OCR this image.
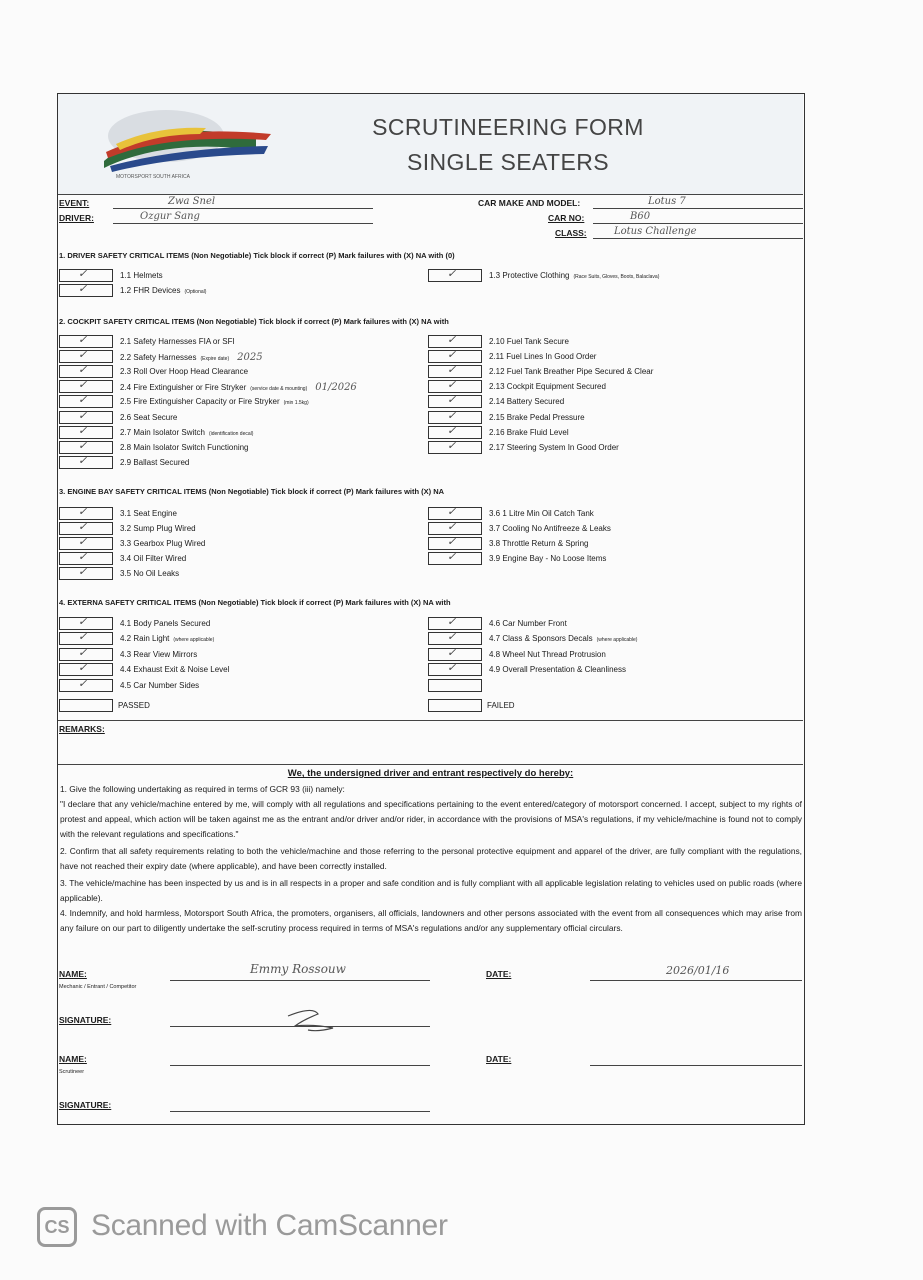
MOTORSPORT SOUTH AFRICA
SCRUTINEERING FORM
SINGLE SEATERS
EVENT:	Zwa Snel
DRIVER:	Ozgur Sang
CAR MAKE AND MODEL:	Lotus 7
CAR NO:	B60
CLASS:	Lotus Challenge
1. DRIVER SAFETY CRITICAL ITEMS (Non Negotiable) Tick block if correct (P) Mark failures with (X) NA with (0)
2. COCKPIT SAFETY CRITICAL ITEMS (Non Negotiable) Tick block if correct (P) Mark failures with (X) NA with
3. ENGINE BAY SAFETY CRITICAL ITEMS (Non Negotiable) Tick block if correct (P) Mark failures with (X) NA
4. EXTERNA SAFETY CRITICAL ITEMS (Non Negotiable) Tick block if correct (P) Mark failures with (X) NA with
✓	1.1 Helmets
✓	1.2 FHR Devices (Optional)
✓	1.3 Protective Clothing (Race Suits, Gloves, Boots, Balaclava)
✓	2.1 Safety Harnesses FIA or SFI
✓	2.2 Safety Harnesses (Expire date) 2025
✓	2.3 Roll Over Hoop Head Clearance
✓	2.4 Fire Extinguisher or Fire Stryker (service date & mounting) 01/2026
✓	2.5 Fire Extinguisher Capacity or Fire Stryker (min 1.5kg)
✓	2.6 Seat Secure
✓	2.7 Main Isolator Switch (identification decal)
✓	2.8 Main Isolator Switch Functioning
✓	2.9 Ballast Secured
✓	2.10 Fuel Tank Secure
✓	2.11 Fuel Lines In Good Order
✓	2.12 Fuel Tank Breather Pipe Secured & Clear
✓	2.13 Cockpit Equipment Secured
✓	2.14 Battery Secured
✓	2.15 Brake Pedal Pressure
✓	2.16 Brake Fluid Level
✓	2.17 Steering System In Good Order
✓	3.1 Seat Engine
✓	3.2 Sump Plug Wired
✓	3.3 Gearbox Plug Wired
✓	3.4 Oil Filter Wired
✓	3.5 No Oil Leaks
✓	3.6 1 Litre Min Oil Catch Tank
✓	3.7 Cooling No Antifreeze & Leaks
✓	3.8 Throttle Return & Spring
✓	3.9 Engine Bay - No Loose Items
✓	4.1 Body Panels Secured
✓	4.2 Rain Light (where applicable)
✓	4.3 Rear View Mirrors
✓	4.4 Exhaust Exit & Noise Level
✓	4.5 Car Number Sides
✓	4.6 Car Number Front
✓	4.7 Class & Sponsors Decals (where applicable)
✓	4.8 Wheel Nut Thread Protrusion
✓	4.9 Overall Presentation & Cleanliness
PASSED	FAILED
REMARKS:
We, the undersigned driver and entrant respectively do hereby:

1. Give the following undertaking as required in terms of GCR 93 (iii) namely:

"I declare that any vehicle/machine entered by me, will comply with all regulations and specifications pertaining to the event entered/category of motorsport concerned. I accept, subject to my rights of protest and appeal, which action will be taken against me as the entrant and/or driver and/or rider, in accordance with the provisions of MSA's regulations, if my vehicle/machine is found not to comply with the relevant regulations and specifications."

2. Confirm that all safety requirements relating to both the vehicle/machine and those referring to the personal protective equipment and apparel of the driver, are fully compliant with the regulations, have not reached their expiry date (where applicable), and have been correctly installed.

3. The vehicle/machine has been inspected by us and is in all respects in a proper and safe condition and is fully compliant with all applicable legislation relating to vehicles used on public roads (where applicable).

4. Indemnify, and hold harmless, Motorsport South Africa, the promoters, organisers, all officials, landowners and other persons associated with the event from all consequences which may arise from any failure on our part to diligently undertake the self-scrutiny process required in terms of MSA's regulations and/or any supplementary official circulars.

NAME:
Mechanic / Entrant / Competitor
Emmy Rossouw	DATE:	2026/01/16
SIGNATURE:
NAME:
Scrutineer
DATE:
SIGNATURE:
CS Scanned with CamScanner
